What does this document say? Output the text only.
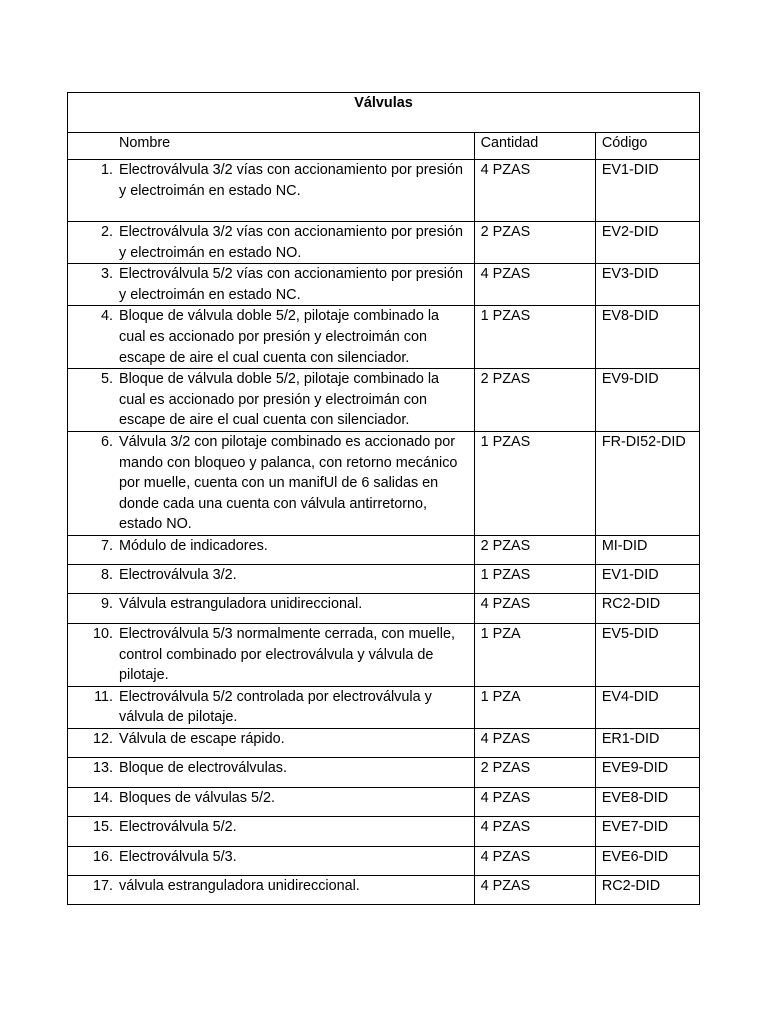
Válvulas		
Nombre	Cantidad	Código
1. Electroválvula 3/2 vías con accionamiento por presión y electroimán en estado NC.	4 PZAS	EV1-DID
2. Electroválvula 3/2 vías con accionamiento por presión y electroimán en estado NO.	2 PZAS	EV2-DID
3. Electroválvula 5/2 vías con accionamiento por presión y electroimán en estado NC.	4 PZAS	EV3-DID
4. Bloque de válvula doble 5/2, pilotaje combinado la cual es accionado por presión y electroimán con escape de aire el cual cuenta con silenciador.	1 PZAS	EV8-DID
5. Bloque de válvula doble 5/2, pilotaje combinado la cual es accionado por presión y electroimán con escape de aire el cual cuenta con silenciador.	2 PZAS	EV9-DID
6. Válvula 3/2 con pilotaje combinado es accionado por mando con bloqueo y palanca, con retorno mecánico por muelle, cuenta con un manifUl de 6 salidas en donde cada una cuenta con válvula antirretorno, estado NO.	1 PZAS	FR-DI52-DID
7. Módulo de indicadores.	2 PZAS	MI-DID
8. Electroválvula 3/2.	1 PZAS	EV1-DID
9. Válvula estranguladora unidireccional.	4 PZAS	RC2-DID
10. Electroválvula 5/3 normalmente cerrada, con muelle, control combinado por electroválvula y válvula de pilotaje.	1 PZA	EV5-DID
11. Electroválvula 5/2 controlada por electroválvula y válvula de pilotaje.	1 PZA	EV4-DID
12. Válvula de escape rápido.	4 PZAS	ER1-DID
13. Bloque de electroválvulas.	2 PZAS	EVE9-DID
14. Bloques de válvulas 5/2.	4 PZAS	EVE8-DID
15. Electroválvula 5/2.	4 PZAS	EVE7-DID
16. Electroválvula 5/3.	4 PZAS	EVE6-DID
17. válvula estranguladora unidireccional.	4 PZAS	RC2-DID
